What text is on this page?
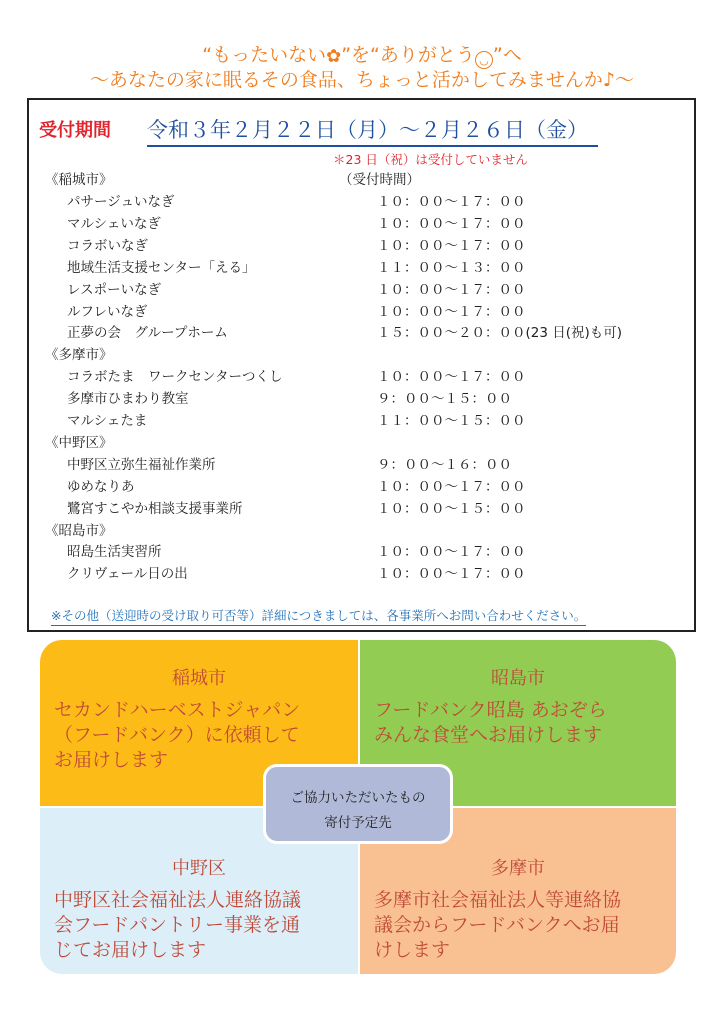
“もったいない✿”を“ありがとう ◡ ”へ
～あなたの家に眠るその食品、ちょっと活かしてみませんか♪～
受付期間 令和３年２月２２日（月）～２月２６日（金）
＊23 日（祝）は受付していません
《稲城市》	（受付時間）
パサージュいなぎ	１０：００～１７：００
マルシェいなぎ	１０：００～１７：００
コラボいなぎ	１０：００～１７：００
地域生活支援センター「える」	１１：００～１３：００
レスポーいなぎ	１０：００～１７：００
ルフレいなぎ	１０：００～１７：００
正夢の会　グループホーム	１５：００～２０：００(23 日(祝)も可)
《多摩市》
コラボたま　ワークセンターつくし	１０：００～１７：００
多摩市ひまわり教室	９：００～１５：００
マルシェたま	１１：００～１５：００
《中野区》
中野区立弥生福祉作業所	９：００～１６：００
ゆめなりあ	１０：００～１７：００
鷺宮すこやか相談支援事業所	１０：００～１５：００
《昭島市》
昭島生活実習所	１０：００～１７：００
クリヴェール日の出	１０：００～１７：００
※その他（送迎時の受け取り可否等）詳細につきましては、各事業所へお問い合わせください。
稲城市
セカンドハーベストジャパン
（フードバンク）に依頼して
お届けします
昭島市
フードバンク昭島 あおぞら
みんな食堂へお届けします
中野区
中野区社会福祉法人連絡協議
会フードパントリー事業を通
じてお届けします
多摩市
多摩市社会福祉法人等連絡協
議会からフードバンクへお届
けします
ご協力いただいたもの
寄付予定先
